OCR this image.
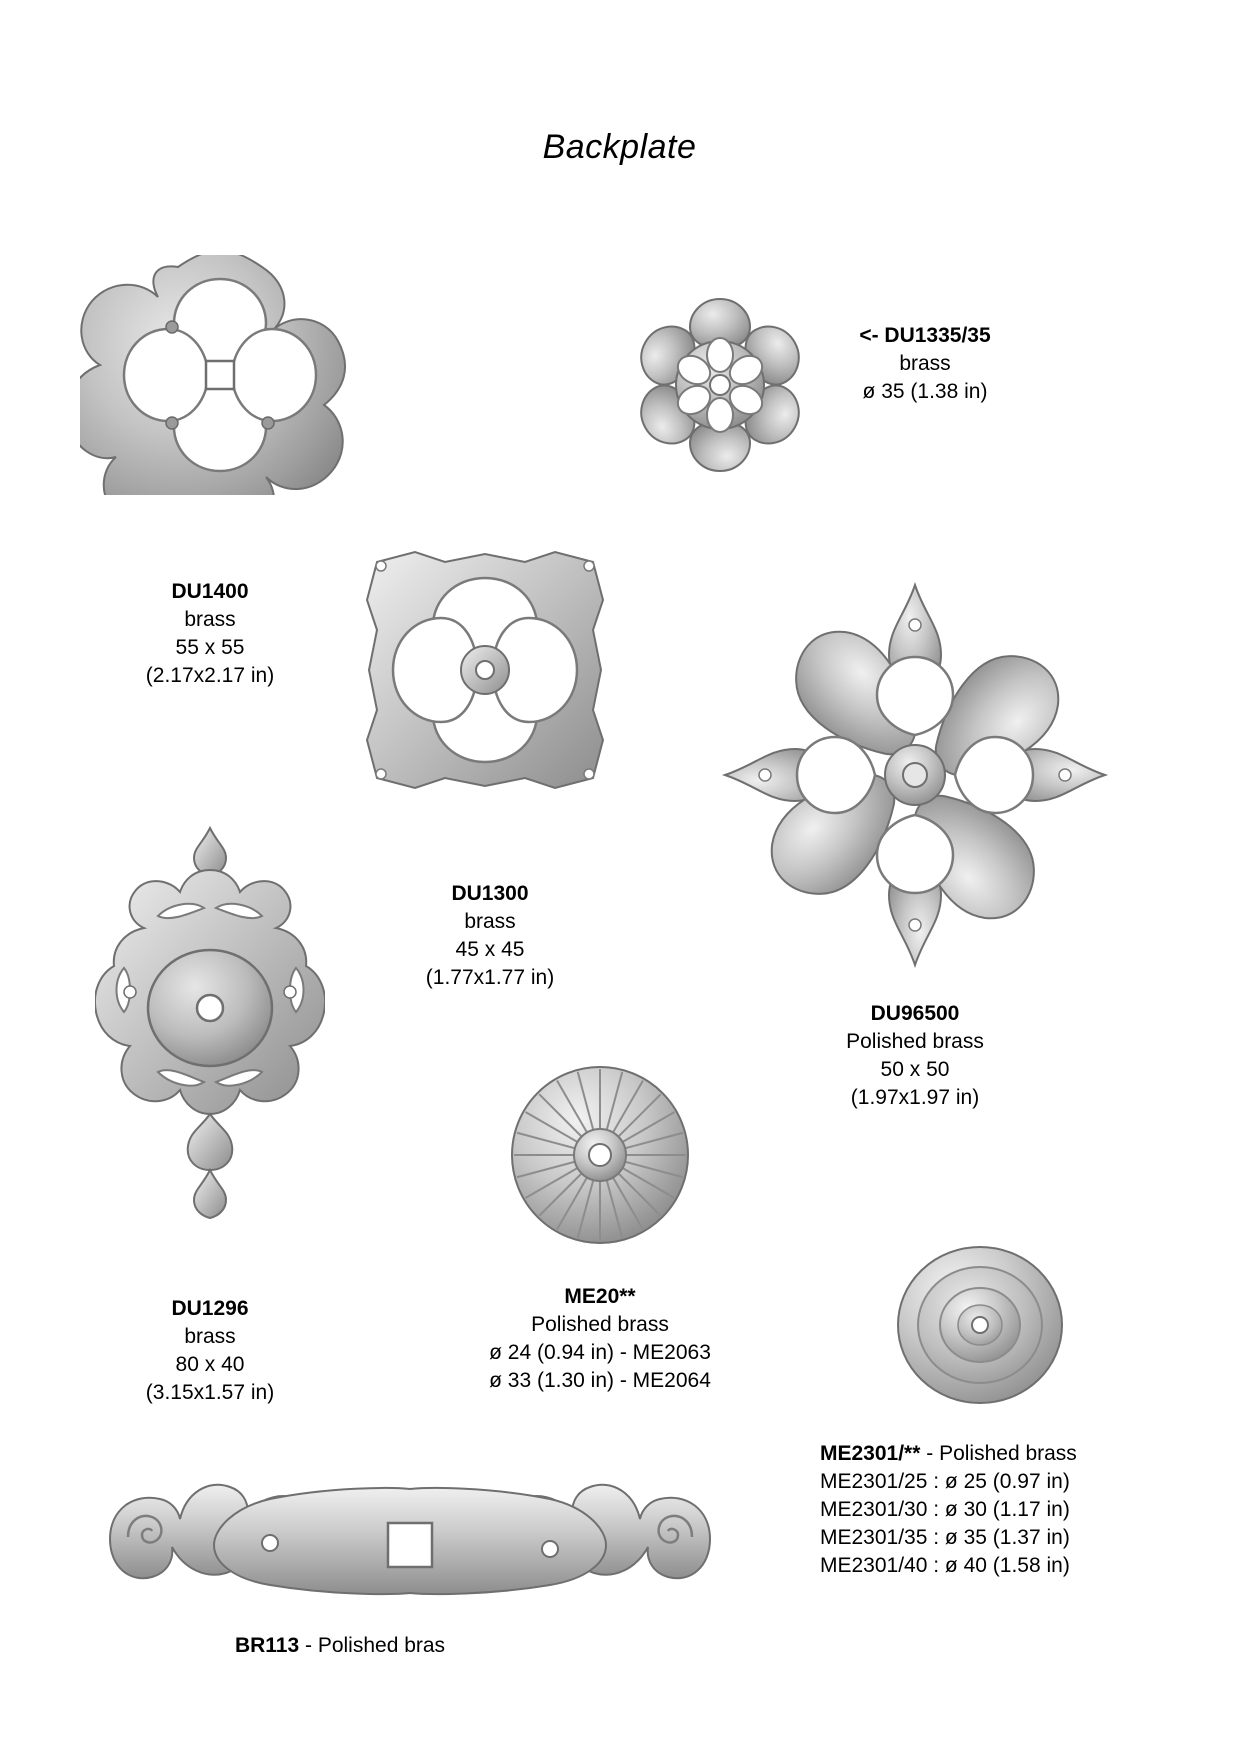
Backplate
DU1400
brass
55 x 55
(2.17x2.17 in)
<- DU1335/35
brass
ø 35 (1.38 in)
DU1300
brass
45 x 45
(1.77x1.77 in)
DU96500
Polished brass
50 x 50
(1.97x1.97 in)
DU1296
brass
80 x 40
(3.15x1.57 in)
ME20**
Polished brass
ø 24 (0.94 in) - ME2063
ø 33 (1.30 in) - ME2064
ME2301/** - Polished brass
ME2301/25 : ø 25 (0.97 in)
ME2301/30 : ø 30 (1.17 in)
ME2301/35 : ø 35 (1.37 in)
ME2301/40 : ø 40 (1.58 in)
BR113 - Polished bras
